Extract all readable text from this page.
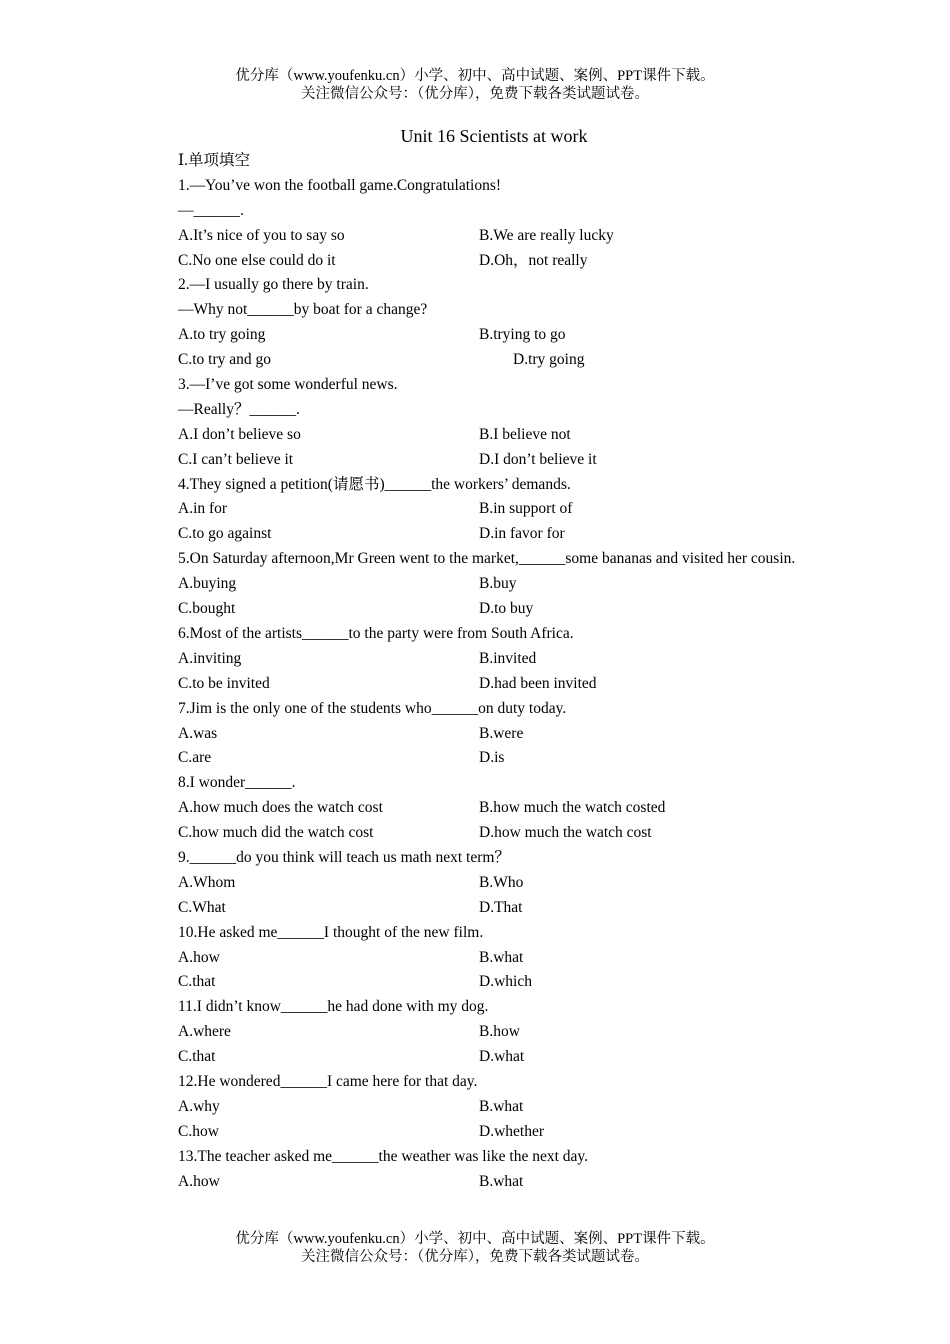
优分库（www.youfenku.cn）小学、初中、高中试题、案例、PPT课件下载。
关注微信公众号：（优分库），免费下载各类试题试卷。
Unit 16 Scientists at work
Ⅰ.单项填空
1.—You’ve won the football game.Congratulations!
—______.
A.It’s nice of you to say so	B.We are really lucky
C.No one else could do it	D.Oh，not really
2.—I usually go there by train.
—Why not______by boat for a change?
A.to try going	B.trying to go
C.to try and go	D.try going
3.—I’ve got some wonderful news.
—Really？______.
A.I don’t believe so	B.I believe not
C.I can’t believe it	D.I don’t believe it
4.They signed a petition(请愿书)______the workers’ demands.
A.in for	B.in support of
C.to go against	D.in favor for
5.On Saturday afternoon,Mr Green went to the market,______some bananas and visited her cousin.
A.buying	B.buy
C.bought	D.to buy
6.Most of the artists______to the party were from South Africa.
A.inviting	B.invited
C.to be invited	D.had been invited
7.Jim is the only one of the students who______on duty today.
A.was	B.were
C.are	D.is
8.I wonder______.
A.how much does the watch cost	B.how much the watch costed
C.how much did the watch cost	D.how much the watch cost
9.______do you think will teach us math next term？
A.Whom	B.Who
C.What	D.That
10.He asked me______I thought of the new film.
A.how	B.what
C.that	D.which
11.I didn’t know______he had done with my dog.
A.where	B.how
C.that	D.what
12.He wondered______I came here for that day.
A.why	B.what
C.how	D.whether
13.The teacher asked me______the weather was like the next day.
A.how	B.what
优分库（www.youfenku.cn）小学、初中、高中试题、案例、PPT课件下载。
关注微信公众号：（优分库），免费下载各类试题试卷。
